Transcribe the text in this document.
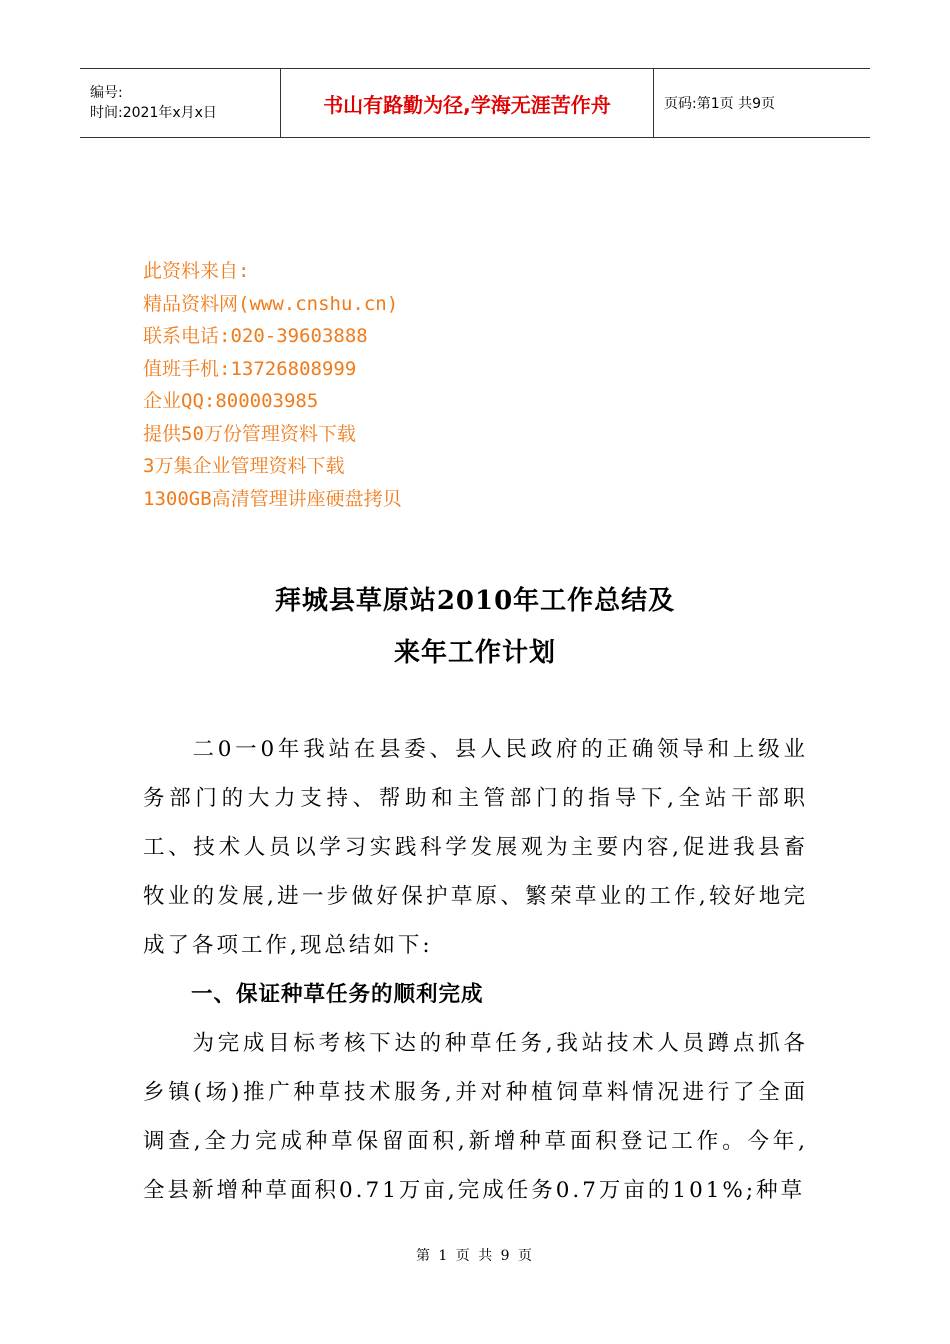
编号:
时间:2021年x月x日	书山有路勤为径,学海无涯苦作舟	页码:第1页 共9页
此资料来自:
精品资料网(www.cnshu.cn)
联系电话:020-39603888
值班手机:13726808999
企业QQ:800003985
提供50万份管理资料下载
3万集企业管理资料下载
1300GB高清管理讲座硬盘拷贝
拜城县草原站2010年工作总结及
来年工作计划

二0一0年我站在县委、县人民政府的正确领导和上级业务部门的大力支持、帮助和主管部门的指导下,全站干部职工、技术人员以学习实践科学发展观为主要内容,促进我县畜牧业的发展,进一步做好保护草原、繁荣草业的工作,较好地完成了各项工作,现总结如下:

一、保证种草任务的顺利完成

为完成目标考核下达的种草任务,我站技术人员蹲点抓各乡镇(场)推广种草技术服务,并对种植饲草料情况进行了全面调查,全力完成种草保留面积,新增种草面积登记工作。今年,全县新增种草面积0.71万亩,完成任务0.7万亩的101%;种草

第 1 页 共 9 页
